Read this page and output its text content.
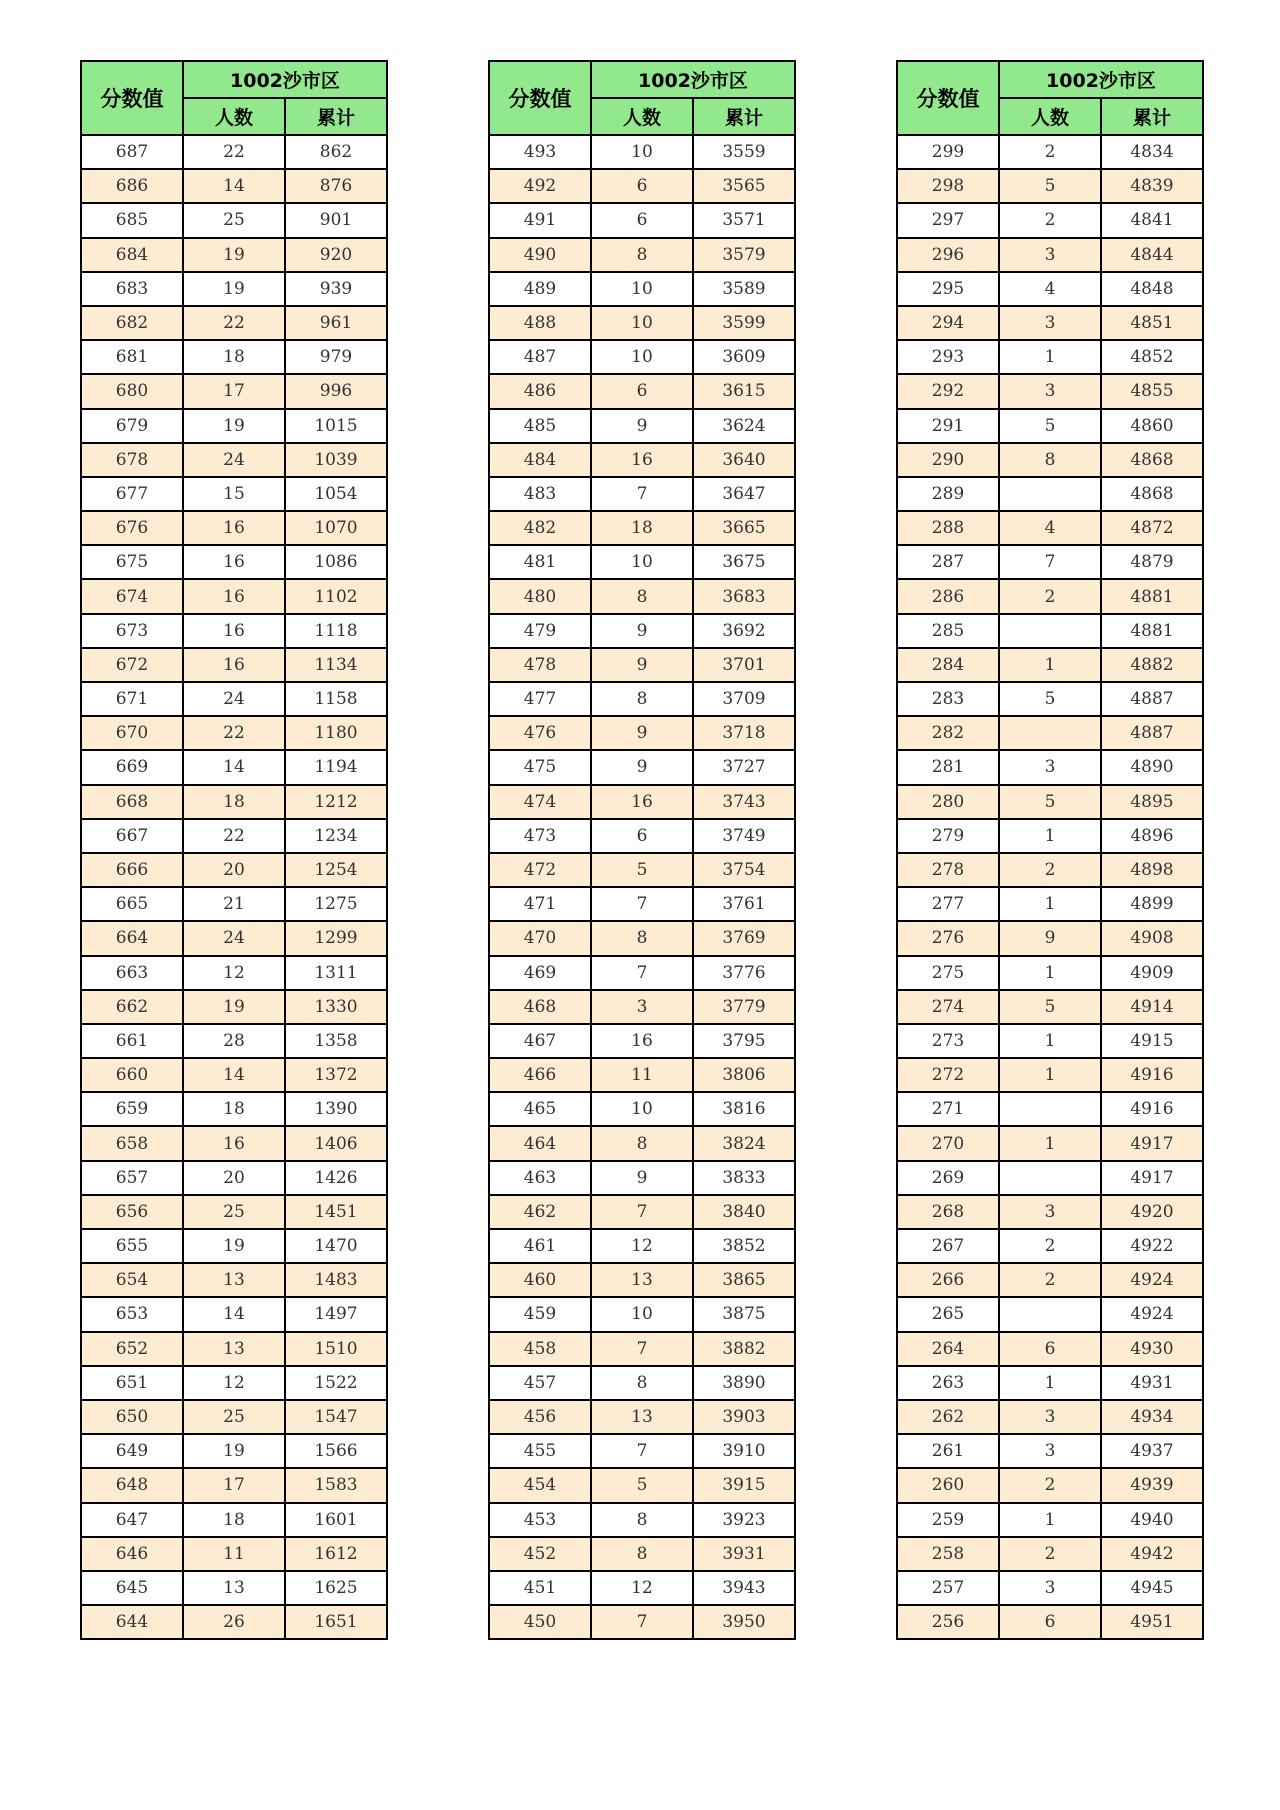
分数值	1002沙市区	
	人数	累计
687	22	862
686	14	876
685	25	901
684	19	920
683	19	939
682	22	961
681	18	979
680	17	996
679	19	1015
678	24	1039
677	15	1054
676	16	1070
675	16	1086
674	16	1102
673	16	1118
672	16	1134
671	24	1158
670	22	1180
669	14	1194
668	18	1212
667	22	1234
666	20	1254
665	21	1275
664	24	1299
663	12	1311
662	19	1330
661	28	1358
660	14	1372
659	18	1390
658	16	1406
657	20	1426
656	25	1451
655	19	1470
654	13	1483
653	14	1497
652	13	1510
651	12	1522
650	25	1547
649	19	1566
648	17	1583
647	18	1601
646	11	1612
645	13	1625
644	26	1651
分数值	1002沙市区	
	人数	累计
493	10	3559
492	6	3565
491	6	3571
490	8	3579
489	10	3589
488	10	3599
487	10	3609
486	6	3615
485	9	3624
484	16	3640
483	7	3647
482	18	3665
481	10	3675
480	8	3683
479	9	3692
478	9	3701
477	8	3709
476	9	3718
475	9	3727
474	16	3743
473	6	3749
472	5	3754
471	7	3761
470	8	3769
469	7	3776
468	3	3779
467	16	3795
466	11	3806
465	10	3816
464	8	3824
463	9	3833
462	7	3840
461	12	3852
460	13	3865
459	10	3875
458	7	3882
457	8	3890
456	13	3903
455	7	3910
454	5	3915
453	8	3923
452	8	3931
451	12	3943
450	7	3950
分数值	1002沙市区	
	人数	累计
299	2	4834
298	5	4839
297	2	4841
296	3	4844
295	4	4848
294	3	4851
293	1	4852
292	3	4855
291	5	4860
290	8	4868
289		4868
288	4	4872
287	7	4879
286	2	4881
285		4881
284	1	4882
283	5	4887
282		4887
281	3	4890
280	5	4895
279	1	4896
278	2	4898
277	1	4899
276	9	4908
275	1	4909
274	5	4914
273	1	4915
272	1	4916
271		4916
270	1	4917
269		4917
268	3	4920
267	2	4922
266	2	4924
265		4924
264	6	4930
263	1	4931
262	3	4934
261	3	4937
260	2	4939
259	1	4940
258	2	4942
257	3	4945
256	6	4951
